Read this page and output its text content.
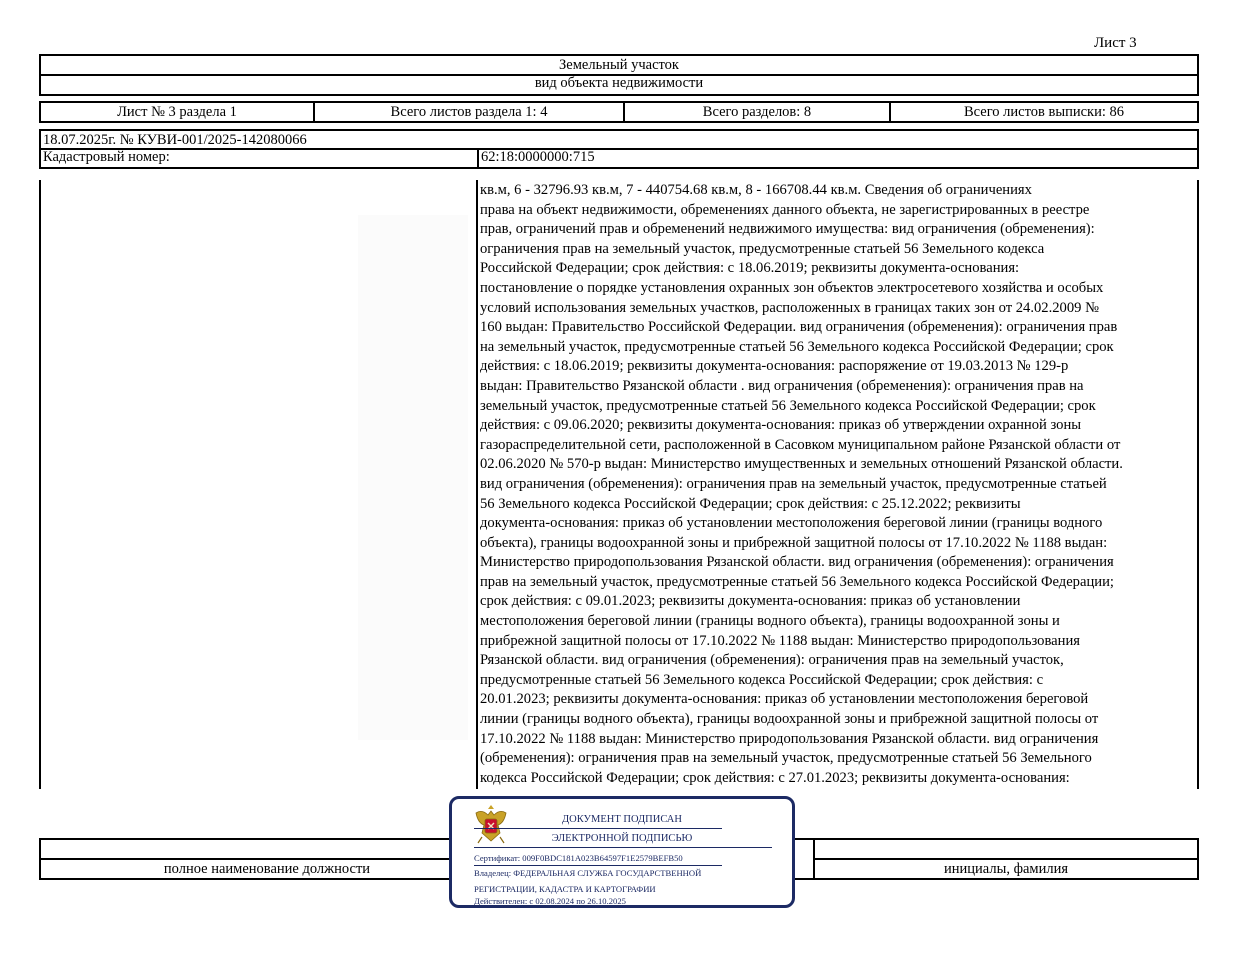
Лист 3
Земельный участок
вид объекта недвижимости
Лист № 3 раздела 1	Всего листов раздела 1: 4	Всего разделов: 8	Всего листов выписки: 86
18.07.2025г. № КУВИ-001/2025-142080066
Кадастровый номер:	62:18:0000000:715
кв.м, 6 - 32796.93 кв.м, 7 - 440754.68 кв.м, 8 - 166708.44 кв.м. Сведения об ограничениях
права на объект недвижимости, обременениях данного объекта, не зарегистрированных в реестре
прав, ограничений прав и обременений недвижимого имущества: вид ограничения (обременения):
ограничения прав на земельный участок, предусмотренные статьей 56 Земельного кодекса
Российской Федерации; срок действия: с 18.06.2019; реквизиты документа-основания:
постановление о порядке установления охранных зон объектов электросетевого хозяйства и особых
условий использования земельных участков, расположенных в границах таких зон от 24.02.2009 №
160 выдан: Правительство Российской Федерации. вид ограничения (обременения): ограничения прав
на земельный участок, предусмотренные статьей 56 Земельного кодекса Российской Федерации; срок
действия: с 18.06.2019; реквизиты документа-основания: распоряжение от 19.03.2013 № 129-р
выдан: Правительство Рязанской области . вид ограничения (обременения): ограничения прав на
земельный участок, предусмотренные статьей 56 Земельного кодекса Российской Федерации; срок
действия: с 09.06.2020; реквизиты документа-основания: приказ об утверждении охранной зоны
газораспределительной сети, расположенной в Сасовком муниципальном районе Рязанской области от
02.06.2020 № 570-р выдан: Министерство имущественных и земельных отношений Рязанской области.
вид ограничения (обременения): ограничения прав на земельный участок, предусмотренные статьей
56 Земельного кодекса Российской Федерации; срок действия: с 25.12.2022; реквизиты
документа-основания: приказ об установлении местоположения береговой линии (границы водного
объекта), границы водоохранной зоны и прибрежной защитной полосы от 17.10.2022 № 1188 выдан:
Министерство природопользования Рязанской области. вид ограничения (обременения): ограничения
прав на земельный участок, предусмотренные статьей 56 Земельного кодекса Российской Федерации;
срок действия: с 09.01.2023; реквизиты документа-основания: приказ об установлении
местоположения береговой линии (границы водного объекта), границы водоохранной зоны и
прибрежной защитной полосы от 17.10.2022 № 1188 выдан: Министерство природопользования
Рязанской области. вид ограничения (обременения): ограничения прав на земельный участок,
предусмотренные статьей 56 Земельного кодекса Российской Федерации; срок действия: с
20.01.2023; реквизиты документа-основания: приказ об установлении местоположения береговой
линии (границы водного объекта), границы водоохранной зоны и прибрежной защитной полосы от
17.10.2022 № 1188 выдан: Министерство природопользования Рязанской области. вид ограничения
(обременения): ограничения прав на земельный участок, предусмотренные статьей 56 Земельного
кодекса Российской Федерации; срок действия: с 27.01.2023; реквизиты документа-основания:
полное наименование должности	инициалы, фамилия
ДОКУМЕНТ ПОДПИСАН
ЭЛЕКТРОННОЙ ПОДПИСЬЮ
Сертификат: 009F0BDC181A023B64597F1E2579BEFB50
Владелец: ФЕДЕРАЛЬНАЯ СЛУЖБА ГОСУДАРСТВЕННОЙ
РЕГИСТРАЦИИ, КАДАСТРА И КАРТОГРАФИИ
Действителен: с 02.08.2024 по 26.10.2025
